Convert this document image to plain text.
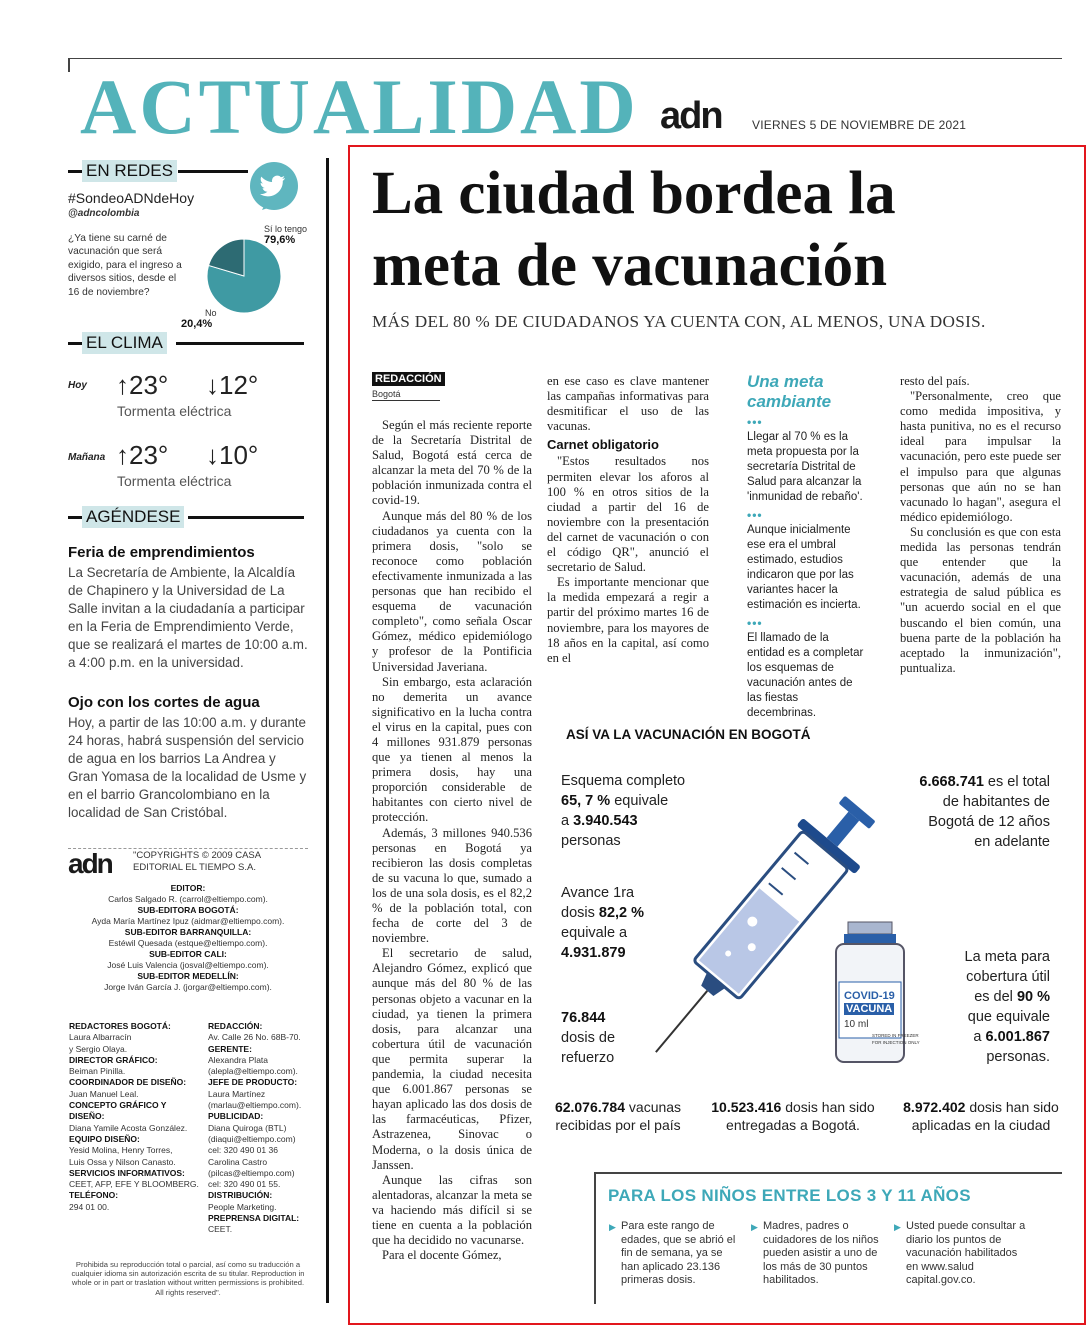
ACTUALIDAD adn	VIERNES 5 DE NOVIEMBRE DE 2021
EN REDES
#SondeoADNdeHoy
@adncolombia
¿Ya tiene su carné de vacunación que será exigido, para el ingreso a diversos sitios, desde el 16 de noviembre?
Sí lo tengo
79,6%
No
20,4%
EL CLIMA
Hoy ↑23° ↓12°
Tormenta eléctrica
Mañana ↑23° ↓10°
Tormenta eléctrica
AGÉNDESE
Feria de emprendimientos
La Secretaría de Ambiente, la Alcaldía de Chapinero y la Universidad de La Salle invitan a la ciudadanía a participar en la Feria de Emprendimiento Verde, que se realizará el martes de 10:00 a.m. a 4:00 p.m. en la universidad.
Ojo con los cortes de agua
Hoy, a partir de las 10:00 a.m. y durante 24 horas, habrá suspensión del servicio de agua en los barrios La Andrea y Gran Yomasa de la localidad de Usme y en el barrio Grancolombiano en la localidad de San Cristóbal.
adn "COPYRIGHTS © 2009 CASA EDITORIAL EL TIEMPO S.A.
EDITOR:
Carlos Salgado R. (carrol@eltiempo.com).
SUB-EDITORA BOGOTÁ:
Ayda María Martínez Ipuz (aidmar@eltiempo.com).
SUB-EDITOR BARRANQUILLA:
Estéwil Quesada (estque@eltiempo.com).
SUB-EDITOR CALI:
José Luis Valencia (josval@eltiempo.com).
SUB-EDITOR MEDELLÍN:
Jorge Iván García J. (jorgar@eltiempo.com).
REDACTORES BOGOTÁ:
Laura Albarracín
y Sergio Olaya.
DIRECTOR GRÁFICO:
Beiman Pinilla.
COORDINADOR DE DISEÑO:
Juan Manuel Leal.
CONCEPTO GRÁFICO Y DISEÑO:
Diana Yamile Acosta González.
EQUIPO DISEÑO:
Yesid Molina, Henry Torres,
Luis Ossa y Nilson Canasto.
SERVICIOS INFORMATIVOS:
CEET, AFP, EFE Y BLOOMBERG.
TELÉFONO:
294 01 00.
REDACCIÓN:
Av. Calle 26 No. 68B-70.
GERENTE:
Alexandra Plata
(alepla@eltiempo.com).
JEFE DE PRODUCTO:
Laura Martínez
(marlau@eltiempo.com).
PUBLICIDAD:
Diana Quiroga (BTL)
(diaqui@eltiempo.com)
cel: 320 490 01 36
Carolina Castro
(pilcas@eltiempo.com)
cel: 320 490 01 55.
DISTRIBUCIÓN:
People Marketing.
PREPRENSA DIGITAL:
CEET.
Prohibida su reproducción total o parcial, así como su traducción a cualquier idioma sin autorización escrita de su titular. Reproduction in whole or in part or traslation without written permissions is prohibited. All rights reserved".
La ciudad bordea la
meta de vacunación
MÁS DEL 80 % DE CIUDADANOS YA CUENTA CON, AL MENOS, UNA DOSIS.
REDACCIÓN
Bogotá

Según el más reciente reporte de la Secretaría Distrital de Salud, Bogotá está cerca de alcanzar la meta del 70 % de la población inmunizada contra el covid-19.

Aunque más del 80 % de los ciudadanos ya cuenta con la primera dosis, "solo se reconoce como población efectivamente inmunizada a las personas que han recibido el esquema de vacunación completo", como señala Oscar Gómez, médico epidemiólogo y profesor de la Pontificia Universidad Javeriana.

Sin embargo, esta aclaración no demerita un avance significativo en la lucha contra el virus en la capital, pues con 4 millones 931.879 personas que ya tienen al menos la primera dosis, hay una proporción considerable de habitantes con cierto nivel de protección.

Además, 3 millones 940.536 personas en Bogotá ya recibieron las dosis completas de su vacuna lo que, sumado a los de una sola dosis, es el 82,2 % de la población total, con fecha de corte del 3 de noviembre.

El secretario de salud, Alejandro Gómez, explicó que aunque más del 80 % de las personas objeto a vacunar en la ciudad, ya tienen la primera dosis, para alcanzar una cobertura útil de vacunación que permita superar la pandemia, la ciudad necesita que 6.001.867 personas se hayan aplicado las dos dosis de las farmacéuticas, Pfizer, Astrazenea, Sinovac o Moderna, o la dosis única de Janssen.

Aunque las cifras son alentadoras, alcanzar la meta se va haciendo más difícil si se tiene en cuenta a la población que ha decidido no vacunarse.

Para el docente Gómez,

en ese caso es clave mantener las campañas informativas para desmitificar el uso de las vacunas.

Carnet obligatorio

"Estos resultados nos permiten elevar los aforos al 100 % en otros sitios de la ciudad a partir del 16 de noviembre con la presentación del carnet de vacunación o con el código QR", anunció el secretario de Salud.

Es importante mencionar que la medida empezará a regir a partir del próximo martes 16 de noviembre, para los mayores de 18 años en la capital, así como en el

Una meta cambiante
•••
Llegar al 70 % es la meta propuesta por la secretaría Distrital de Salud para alcanzar la 'inmunidad de rebaño'.
•••
Aunque inicialmente ese era el umbral estimado, estudios indicaron que por las variantes hacer la estimación es incierta.
•••
El llamado de la entidad es a completar los esquemas de vacunación antes de las fiestas decembrinas.

resto del país.

"Personalmente, creo que como medida impositiva, y hasta punitiva, no es el recurso ideal para impulsar la vacunación, pero este puede ser el impulso para que algunas personas que aún no se han vacunado lo hagan", asegura el médico epidemiólogo.

Su conclusión es que con esta medida las personas tendrán que entender que la vacunación, además de una estrategia de salud pública es "un acuerdo social en el que buscando el bien común, una buena parte de la población ha aceptado la inmunización", puntualiza.

ASÍ VA LA VACUNACIÓN EN BOGOTÁ
COVID-19
VACUNA
10 ml
STORED IN FREEZER
FOR INJECTION ONLY
Esquema completo
65, 7 % equivale
a 3.940.543
personas
Avance 1ra
dosis 82,2 %
equivale a
4.931.879
76.844
dosis de
refuerzo
6.668.741 es el total
de habitantes de
Bogotá de 12 años
en adelante
La meta para
cobertura útil
es del 90 %
que equivale
a 6.001.867
personas.
62.076.784 vacunas
recibidas por el país
10.523.416 dosis han sido
entregadas a Bogotá.
8.972.402 dosis han sido
aplicadas en la ciudad
PARA LOS NIÑOS ENTRE LOS 3 Y 11 AÑOS
▶ Para este rango de edades, que se abrió el fin de semana, ya se han aplicado 23.136 primeras dosis.
▶ Madres, padres o cuidadores de los niños pueden asistir a uno de los más de 30 puntos habilitados.
▶ Usted puede consultar a diario los puntos de vacunación habilitados en www.salud capital.gov.co.
